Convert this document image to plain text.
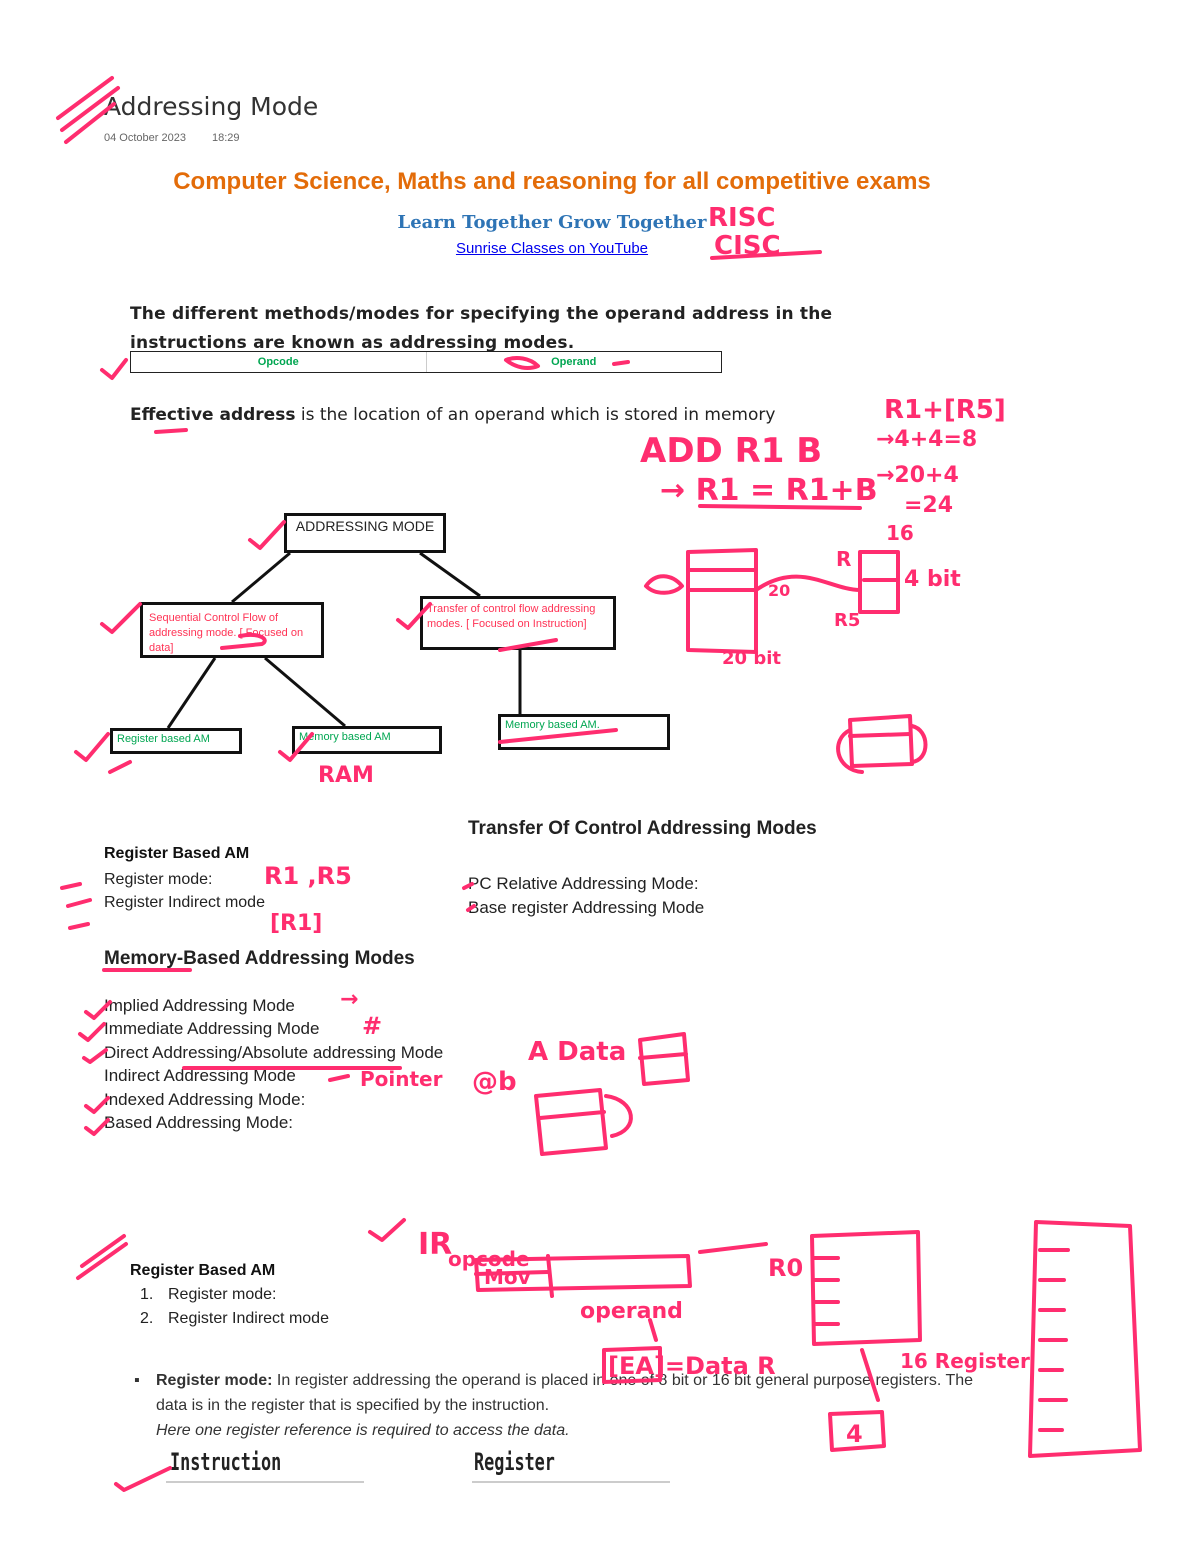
Addressing Mode
04 October 2023 18:29
Computer Science, Maths and reasoning for all competitive exams
Learn Together Grow Together
Sunrise Classes on YouTube
The different methods/modes for specifying the operand address in the instructions are known as addressing modes.
Opcode	Operand
Effective address is the location of an operand which is stored in memory
ADDRESSING MODE
Sequential Control Flow of addressing mode. [ Focused on data]
Transfer of control flow addressing modes. [ Focused on Instruction]
Register based AM	Memory based AM
Memory based AM.
Transfer Of Control Addressing Modes
PC Relative Addressing Mode:
Base register Addressing Mode
Register Based AM
Register mode:
Register Indirect mode
Memory-Based Addressing Modes
Implied Addressing Mode
Immediate Addressing Mode
Direct Addressing/Absolute addressing Mode
Indirect Addressing Mode
Indexed Addressing Mode:
Based Addressing Mode:
Register Based AM
1. Register mode:
2. Register Indirect mode
▪ Register mode: In register addressing the operand is placed in one of 8 bit or 16 bit general purpose registers. The data is in the register that is specified by the instruction.
Here one register reference is required to access the data.
Instruction	Register
RISC
CISC
R1+[R5]
ADD R1 B →4+4=8
→ R1 = R1+B
→20+4
=24
16
4 bit
R
R5
20
20 bit
RAM
R1 ,R5
[R1]
→
#
A Data
Pointer @b
IR
opcode
Mov
operand
R0
[EA]=Data R	16 Register
4
